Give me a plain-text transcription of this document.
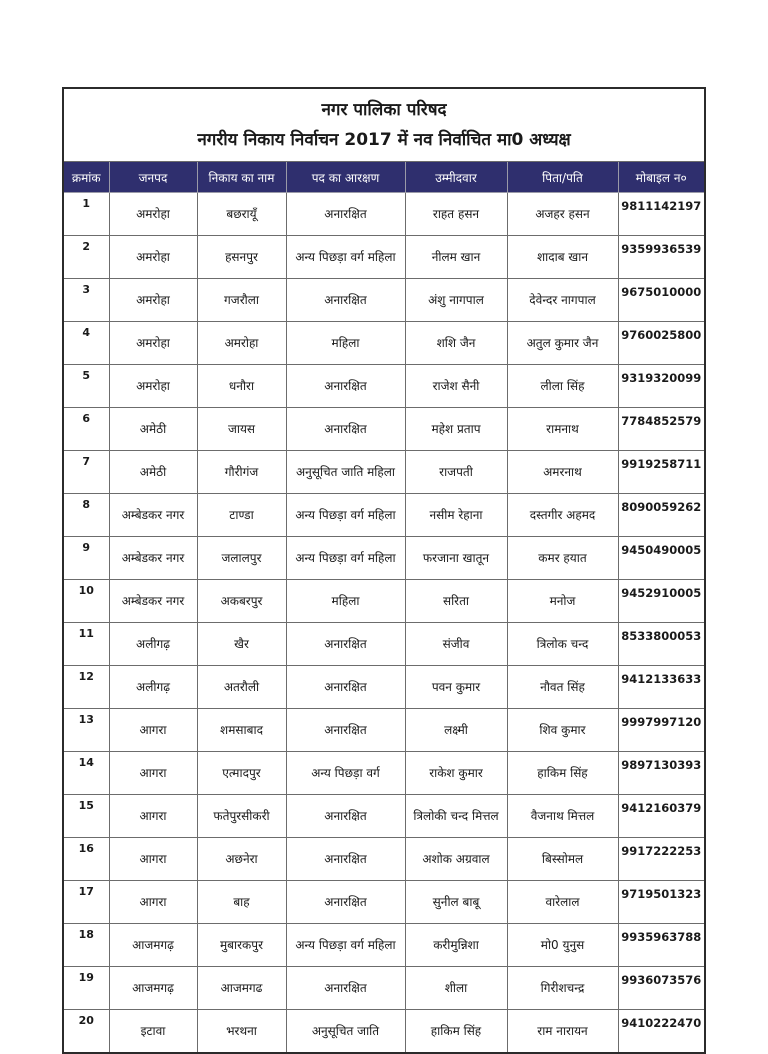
नगर पालिका परिषद
नगरीय निकाय निर्वाचन 2017 में नव निर्वाचित मा0 अध्यक्ष						

क्रमांक	जनपद	निकाय का नाम	पद का आरक्षण	उम्मीदवार	पिता/पति	मोबाइल न०
1	अमरोहा	बछरायूँ	अनारक्षित	राहत हसन	अजहर हसन	9811142197
2	अमरोहा	हसनपुर	अन्य पिछड़ा वर्ग महिला	नीलम खान	शादाब खान	9359936539
3	अमरोहा	गजरौला	अनारक्षित	अंशु नागपाल	देवेन्दर नागपाल	9675010000
4	अमरोहा	अमरोहा	महिला	शशि जैन	अतुल कुमार जैन	9760025800
5	अमरोहा	धनौरा	अनारक्षित	राजेश सैनी	लीला सिंह	9319320099
6	अमेठी	जायस	अनारक्षित	महेश प्रताप	रामनाथ	7784852579
7	अमेठी	गौरीगंज	अनुसूचित जाति महिला	राजपती	अमरनाथ	9919258711
8	अम्बेडकर नगर	टाण्डा	अन्य पिछड़ा वर्ग महिला	नसीम रेहाना	दस्तगीर अहमद	8090059262
9	अम्बेडकर नगर	जलालपुर	अन्य पिछड़ा वर्ग महिला	फरजाना खातून	कमर हयात	9450490005
10	अम्बेडकर नगर	अकबरपुर	महिला	सरिता	मनोज	9452910005
11	अलीगढ़	खैर	अनारक्षित	संजीव	त्रिलोक चन्द	8533800053
12	अलीगढ़	अतरौली	अनारक्षित	पवन कुमार	नौवत सिंह	9412133633
13	आगरा	शमसाबाद	अनारक्षित	लक्ष्मी	शिव कुमार	9997997120
14	आगरा	एत्मादपुर	अन्य पिछड़ा वर्ग	राकेश कुमार	हाकिम सिंह	9897130393
15	आगरा	फतेपुरसीकरी	अनारक्षित	त्रिलोकी चन्द मित्तल	वैजनाथ मित्तल	9412160379
16	आगरा	अछनेरा	अनारक्षित	अशोक अग्रवाल	बिस्सोमल	9917222253
17	आगरा	बाह	अनारक्षित	सुनील बाबू	वारेलाल	9719501323
18	आजमगढ़	मुबारकपुर	अन्य पिछड़ा वर्ग महिला	करीमुन्निशा	मो0 युनुस	9935963788
19	आजमगढ़	आजमगढ	अनारक्षित	शीला	गिरीशचन्द्र	9936073576
20	इटावा	भरथना	अनुसूचित जाति	हाकिम सिंह	राम नारायन	9410222470
